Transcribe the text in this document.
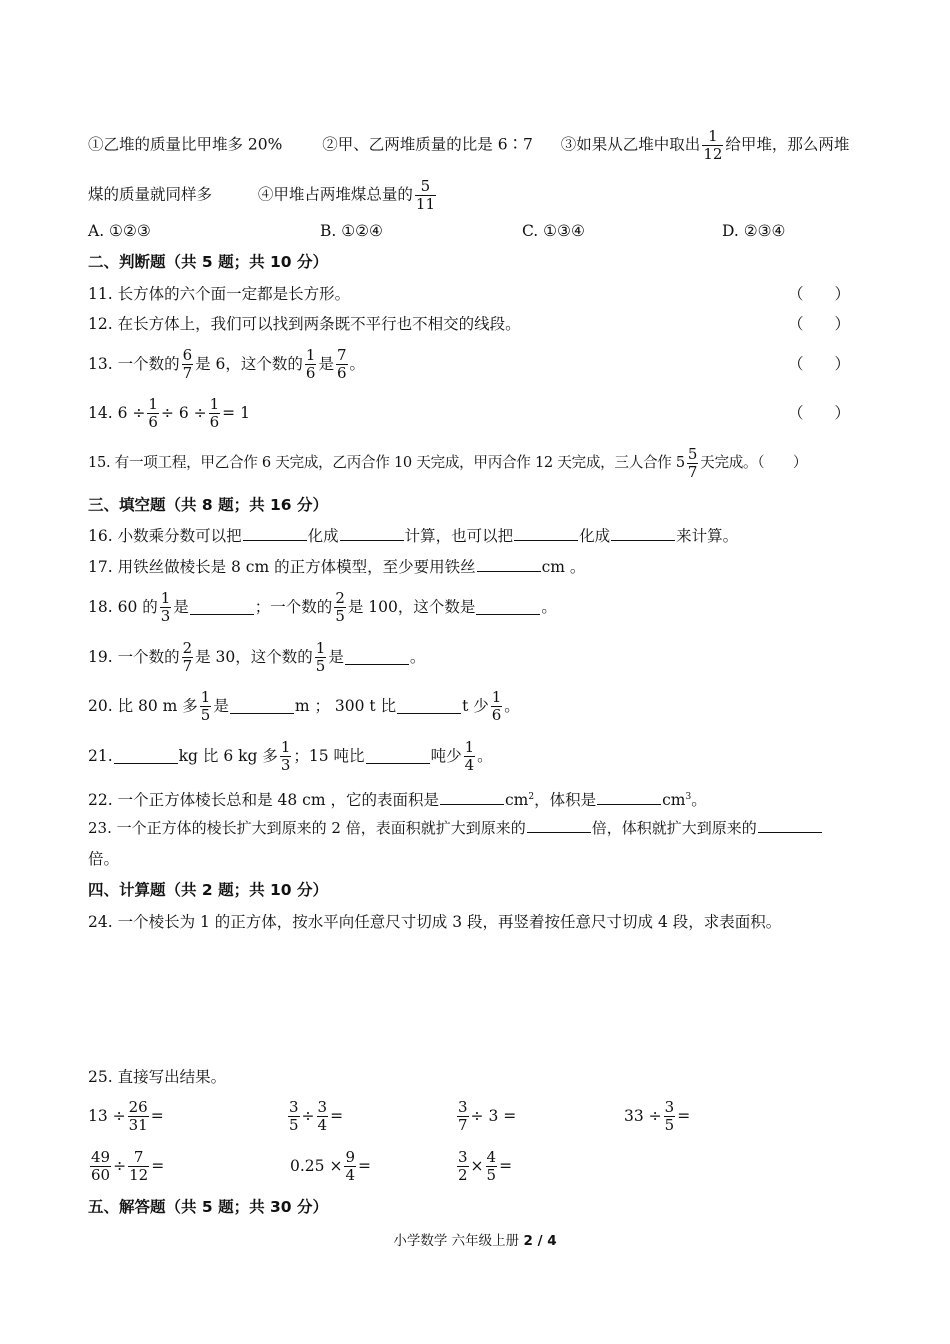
①乙堆的质量比甲堆多 20%	②甲、乙两堆质量的比是 6∶7 ③如果从乙堆中取出 $\frac{1}{12}$ 给甲堆，那么两堆
煤的质量就同样多	④甲堆占两堆煤总量的 $\frac{5}{11}$
A. ①②③	B. ①②④	C. ①③④	D. ②③④
二、判断题（共 5 题；共 10 分）
11. 长方体的六个面一定都是长方形。	（　　）
12. 在长方体上，我们可以找到两条既不平行也不相交的线段。	（　　）
13. 一个数的 $\frac{6}{7}$ 是 6，这个数的 $\frac{1}{6}$ 是 $\frac{7}{6}$ 。	（　　）
14. $6 \div \frac{1}{6} \div 6 \div \frac{1}{6} = 1$	（　　）
15. 有一项工程，甲乙合作 6 天完成，乙丙合作 10 天完成，甲丙合作 12 天完成，三人合作 $5 \frac{5}{7}$ 天完成。（　　）
三、填空题（共 8 题；共 16 分）
16. 小数乘分数可以把	化成	计算，也可以把	化成	来计算。
17. 用铁丝做棱长是 8 cm 的正方体模型，至少要用铁丝	cm 。
18. 60 的 $\frac{1}{3}$ 是	；一个数的 $\frac{2}{5}$ 是 100，这个数是	。
19. 一个数的 $\frac{2}{7}$ 是 30，这个数的 $\frac{1}{5}$ 是	。
20. 比 80 m 多 $\frac{1}{5}$ 是	m ； 300 t 比	t 少 $\frac{1}{6}$ 。
21.	kg 比 6 kg 多 $\frac{1}{3}$ ；15 吨比	吨少 $\frac{1}{4}$ 。
22. 一个正方体棱长总和是 48 cm ，它的表面积是	$cm^2$，体积是	$cm^3$。
23. 一个正方体的棱长扩大到原来的 2 倍，表面积就扩大到原来的	倍，体积就扩大到原来的
倍。
四、计算题（共 2 题；共 10 分）
24. 一个棱长为 1 的正方体，按水平向任意尺寸切成 3 段，再竖着按任意尺寸切成 4 段，求表面积。
25. 直接写出结果。
$13 \div \frac{26}{31}$ =	$\frac{3}{5} \div \frac{3}{4}$ =	$\frac{3}{7} \div 3$ =	$33 \div \frac{3}{5}$ =
$\frac{49}{60} \div \frac{7}{12}$ =	$0.25 \times \frac{9}{4}$ =	$\frac{3}{2} \times \frac{4}{5}$ =
五、解答题（共 5 题；共 30 分）
小学数学 六年级上册 2 / 4
